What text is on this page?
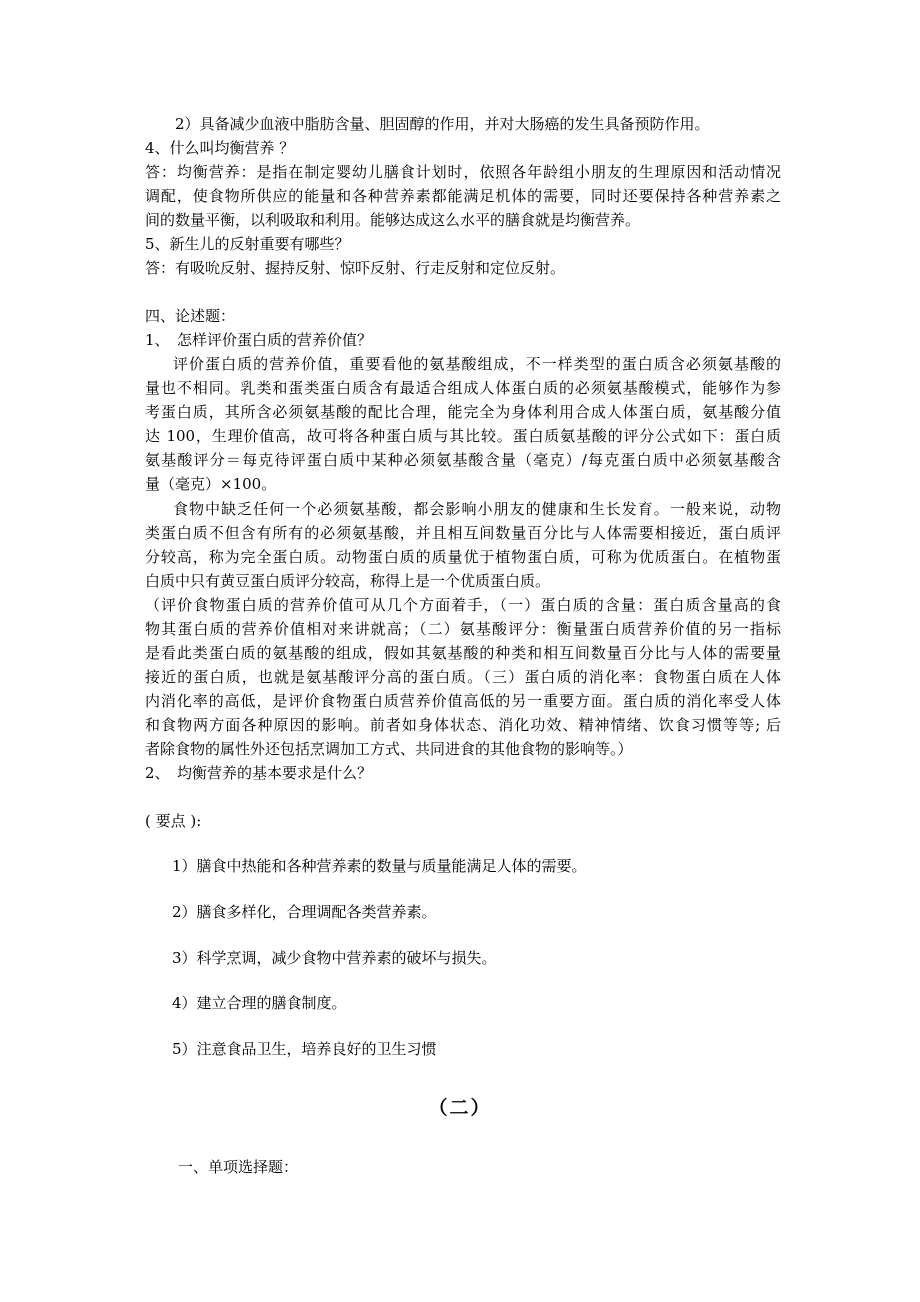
2）具备减少血液中脂肪含量、胆固醇的作用，并对大肠癌的发生具备预防作用。
4、什么叫均衡营养 ？
答：均衡营养：是指在制定婴幼儿膳食计划时，依照各年龄组小朋友的生理原因和活动情况
调配，使食物所供应的能量和各种营养素都能满足机体的需要，同时还要保持各种营养素之
间的数量平衡，以利吸取和利用。能够达成这么水平的膳食就是均衡营养。
5、新生儿的反射重要有哪些？
答：有吸吮反射、握持反射、惊吓反射、行走反射和定位反射。
四、论述题：
1、　怎样评价蛋白质的营养价值？
评价蛋白质的营养价值，重要看他的氨基酸组成，不一样类型的蛋白质含必须氨基酸的
量也不相同。乳类和蛋类蛋白质含有最适合组成人体蛋白质的必须氨基酸模式，能够作为参
考蛋白质，其所含必须氨基酸的配比合理，能完全为身体利用合成人体蛋白质，氨基酸分值
达 100，生理价值高，故可将各种蛋白质与其比较。蛋白质氨基酸的评分公式如下：蛋白质
氨基酸评分＝每克待评蛋白质中某种必须氨基酸含量（毫克）/每克蛋白质中必须氨基酸含
量（毫克）×100。
食物中缺乏任何一个必须氨基酸，都会影响小朋友的健康和生长发育。一般来说，动物
类蛋白质不但含有所有的必须氨基酸，并且相互间数量百分比与人体需要相接近，蛋白质评
分较高，称为完全蛋白质。动物蛋白质的质量优于植物蛋白质，可称为优质蛋白。在植物蛋
白质中只有黄豆蛋白质评分较高，称得上是一个优质蛋白质。
（评价食物蛋白质的营养价值可从几个方面着手，（一）蛋白质的含量：蛋白质含量高的食
物其蛋白质的营养价值相对来讲就高；（二）氨基酸评分：衡量蛋白质营养价值的另一指标
是看此类蛋白质的氨基酸的组成，假如其氨基酸的种类和相互间数量百分比与人体的需要量
接近的蛋白质，也就是氨基酸评分高的蛋白质。（三）蛋白质的消化率：食物蛋白质在人体
内消化率的高低，是评价食物蛋白质营养价值高低的另一重要方面。蛋白质的消化率受人体
和食物两方面各种原因的影响。前者如身体状态、消化功效、精神情绪、饮食习惯等等; 后
者除食物的属性外还包括烹调加工方式、共同进食的其他食物的影响等。）
2、　均衡营养的基本要求是什么？
( 要点 ):
1）膳食中热能和各种营养素的数量与质量能满足人体的需要。
2）膳食多样化，合理调配各类营养素。
3）科学烹调，减少食物中营养素的破坏与损失。
4）建立合理的膳食制度。
5）注意食品卫生，培养良好的卫生习惯
（二）
一、单项选择题：
